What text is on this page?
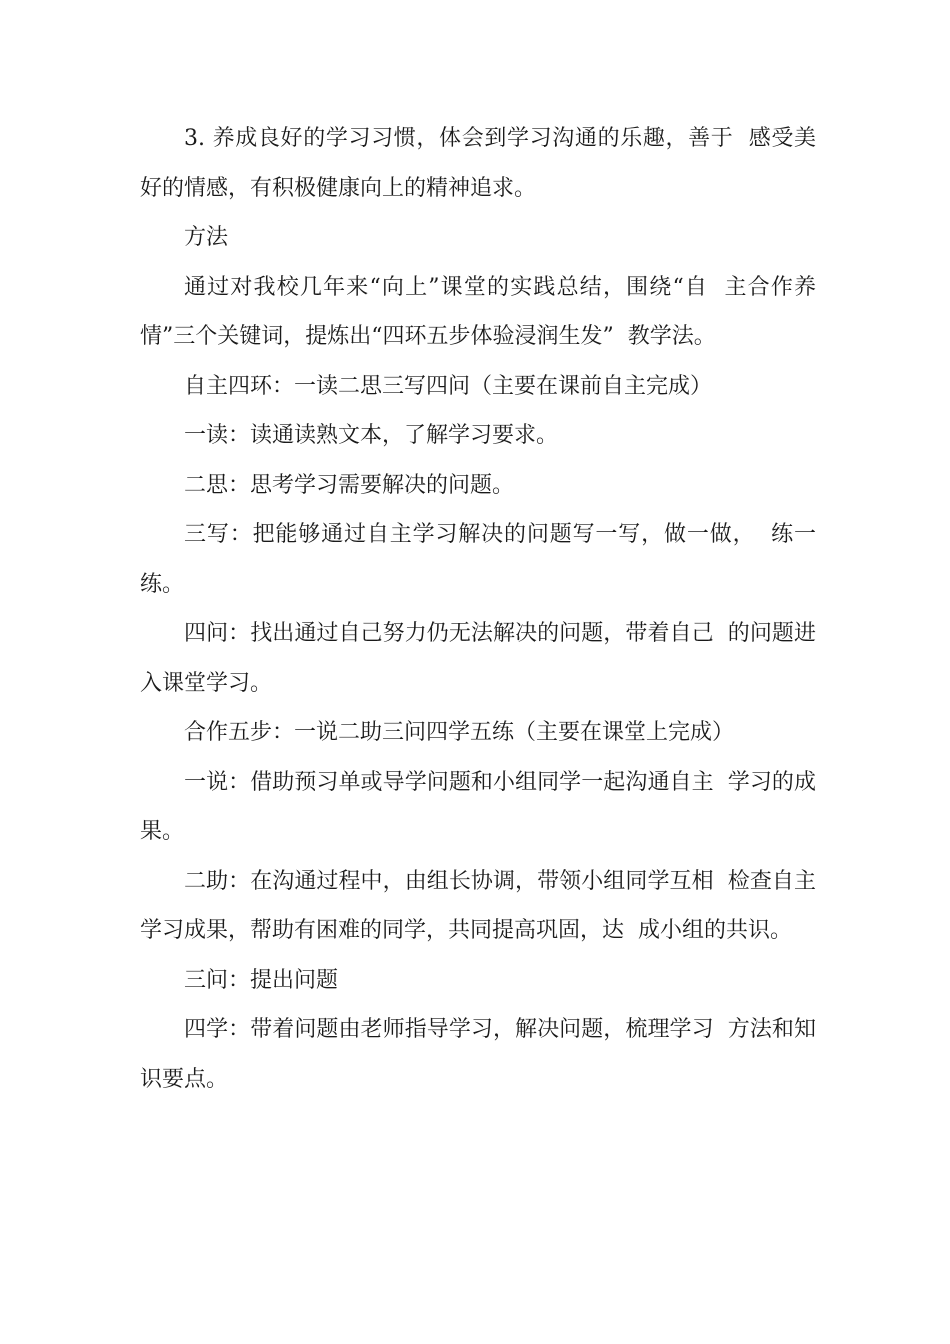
3. 养成良好的学习习惯，体会到学习沟通的乐趣，善于  感受美好的情感，有积极健康向上的精神追求。

方法

通过对我校几年来“向上”课堂的实践总结，围绕“自  主合作养情”三个关键词，提炼出“四环五步体验浸润生发”  教学法。

自主四环：一读二思三写四问（主要在课前自主完成）

一读：读通读熟文本，了解学习要求。

二思：思考学习需要解决的问题。

三写：把能够通过自主学习解决的问题写一写，做一做，  练一练。

四问：找出通过自己努力仍无法解决的问题，带着自己  的问题进入课堂学习。

合作五步：一说二助三问四学五练（主要在课堂上完成）

一说：借助预习单或导学问题和小组同学一起沟通自主  学习的成果。

二助：在沟通过程中，由组长协调，带领小组同学互相  检查自主学习成果，帮助有困难的同学，共同提高巩固，达  成小组的共识。

三问：提出问题

四学：带着问题由老师指导学习，解决问题，梳理学习  方法和知识要点。
